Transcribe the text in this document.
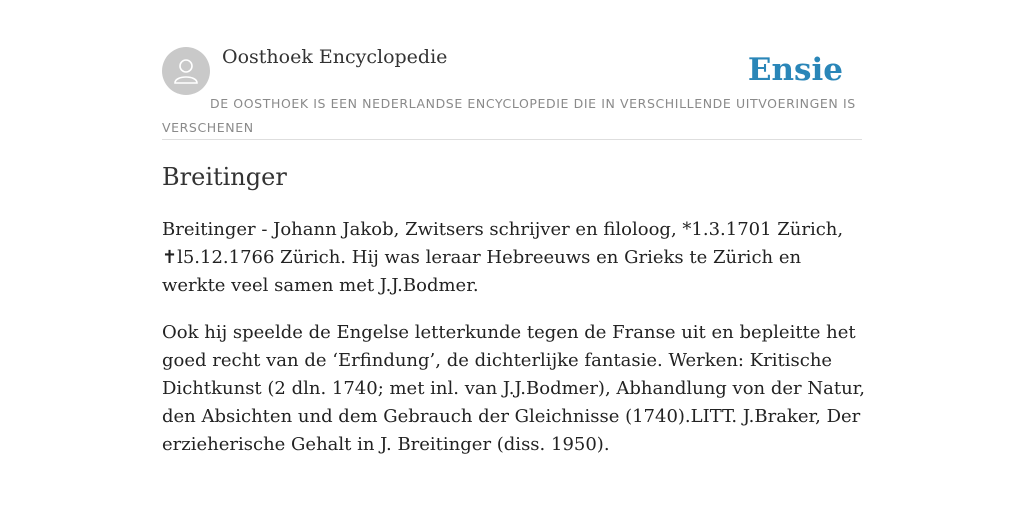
Oosthoek Encyclopedie	Ensie
DE OOSTHOEK IS EEN NEDERLANDSE ENCYCLOPEDIE DIE IN VERSCHILLENDE UITVOERINGEN IS VERSCHENEN
Breitinger

Breitinger - Johann Jakob, Zwitsers schrijver en filoloog, *1.3.1701 Zürich, ✝l5.12.1766 Zürich. Hij was leraar Hebreeuws en Grieks te Zürich en werkte veel samen met J.J.Bodmer.

Ook hij speelde de Engelse letterkunde tegen de Franse uit en bepleitte het goed recht van de ‘Erfindung’, de dichterlijke fantasie. Werken: Kritische Dichtkunst (2 dln. 1740; met inl. van J.J.Bodmer), Abhandlung von der Natur, den Absichten und dem Gebrauch der Gleichnisse (1740).LITT. J.Braker, Der erzieherische Gehalt in J. Breitinger (diss. 1950).
